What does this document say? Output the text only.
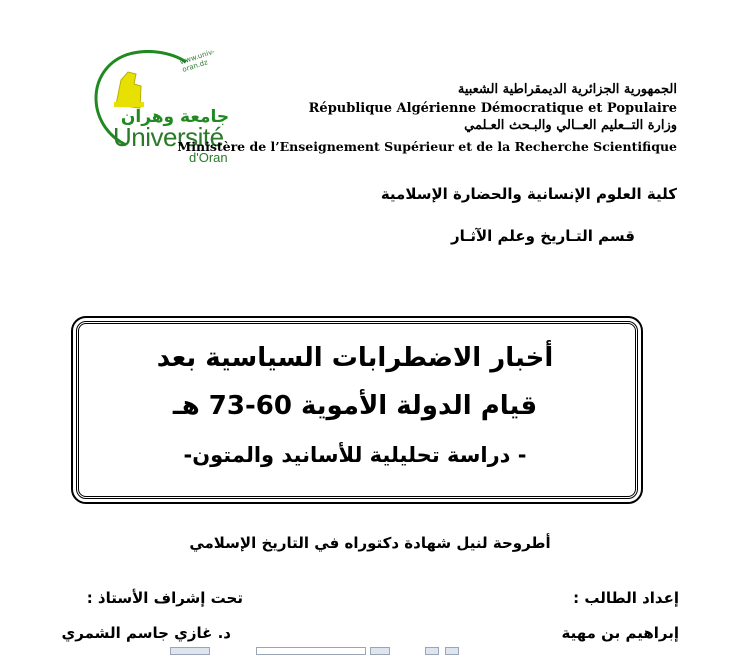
www.univ-oran.dz
جامعة وهران
Université
d'Oran
الجمهورية الجزائرية الديمقراطية الشعبية
République Algérienne Démocratique et Populaire
وزارة التــعليم العــالي والبـحث العـلمي
Ministère de l’Enseignement Supérieur et de la Recherche Scientifique
كلية العلوم الإنسانية والحضارة الإسلامية
قسم التـاريخ وعلم الآثـار
أخبار الاضطرابات السياسية بعد
قيام الدولة الأموية 60-73 هـ
- دراسة تحليلية للأسانيد والمتون-
أطروحة لنيل شهادة دكتوراه في التاريخ الإسلامي
إعداد الطالب :
تحت إشراف الأستاذ :
إبراهيم بن مهية
د. غازي جاسم الشمري
